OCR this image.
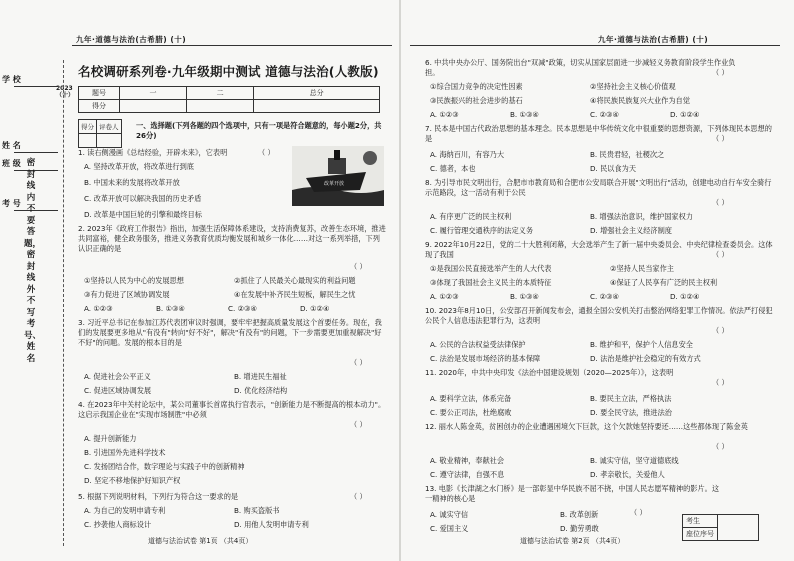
九年·道德与法治(古希腊) (十)	九年·道德与法治(古希腊) (十)
学 校
姓 名
班 级
考 号
密封线内不要答题，密封线外不写考号、姓名
2023（十）
名校调研系列卷·九年级期中测试 道德与法治(人教版)
题号	一	二	总分
得分			
得分	评卷人
	一、选择题(下列各题的四个选项中，只有一项是符合题意的，每小题2分，共26分)
1. 读右侧漫画《总结经验，开辟未来》，它表明	（ ）
A. 坚持改革开放，将改革进行到底
B. 中国未来的发展将改革开放
C. 改革开放可以解决我国的历史矛盾
D. 改革是中国巨轮的引擎和最终目标
改革开放
2. 2023年《政府工作报告》指出，加强生活保障体系建设，支持消费复苏，改善生态环境，推进共同富裕，健全政务服务，推进义务教育优质均衡发展和城乡一体化……对这一系列举措，下列认识正确的是
（ ）
①坚持以人民为中心的发展思想	②抓住了人民最关心最现实的利益问题
③有力促进了区域协调发展	④在发展中补齐民生短板，解民生之忧
A. ①②③	B. ①③④	C. ②③④	D. ①②④
3. 习近平总书记在参加江苏代表团审议时强调，要牢牢把握高质量发展这个首要任务。现在，我们的发展要更多地从"有没有"转向"好不好"，解决"有没有"的问题，下一步需要更加重视解决"好不好"的问题。发展的根本目的是
（ ）
A. 促进社会公平正义	B. 增进民生福祉
C. 促进区域协调发展	D. 优化经济结构
4. 在2023年中关村论坛中，某公司董事长首席执行官表示，"创新能力是不断提高的根本动力"。这启示我国企业在"实现市场制胜"中必须
（ ）
A. 提升创新能力
B. 引进国外先进科学技术
C. 发扬团结合作，数字理论与实践子中的创新精神
D. 坚定不移地保护好知识产权
5. 根据下列说明材料，下列行为符合这一要求的是	（ ）
A. 为自己的发明申请专利	B. 购买盗版书
C. 抄袭他人商标设计	D. 用他人发明申请专利
道德与法治试卷 第1页 （共4页）
6. 中共中央办公厅、国务院出台"双减"政策，切实从国家层面进一步减轻义务教育阶段学生作业负担。	（ ）
①综合国力竞争的决定性因素	②坚持社会主义核心价值观
③民族振兴的社会进步的基石	④将民族民族复兴大业作为自觉
A. ①②③	B. ①③④	C. ②③④	D. ①②④
7. 民本是中国古代政治思想的基本理念。民本思想是中华传统文化中很重要的思想资源，下列体现民本思想的是	（ ）
A. 海纳百川，有容乃大	B. 民贵君轻，社稷次之
C. 德者，本也	D. 民以食为天
8. 为引导市民文明出行，合肥市市教育局和合肥市公安局联合开展"文明出行"活动，创建电动自行车安全骑行示范路段，这一活动有利于公民
（ ）
A. 有序更广泛的民主权利	B. 增强法治意识，维护国家权力
C. 履行管理交通秩序的法定义务	D. 增强社会主义经济制度
9. 2022年10月22日，党的二十大胜利闭幕，大会选举产生了新一届中央委员会、中央纪律检查委员会。这体现了我国	（ ）
①是我国公民直接选举产生的人大代表	②坚持人民当家作主
③体现了我国社会主义民主的本质特征	④保证了人民享有广泛的民主权利
A. ①②③	B. ①③④	C. ②③④	D. ①②④
10. 2023年8月10日，公安部召开新闻发布会，通报全国公安机关打击整治网络犯罪工作情况。依法严打侵犯公民个人信息违法犯罪行为，这表明
（ ）
A. 公民的合法权益受法律保护	B. 维护和平，保护个人信息安全
C. 法治是发展市场经济的基本保障	D. 法治是维护社会稳定的有效方式
11. 2020年，中共中央印发《法治中国建设规划（2020—2025年）》，这表明
（ ）
A. 要科学立法，体系完备	B. 要民主立法，严格执法
C. 要公正司法，杜绝腐败	D. 要全民守法，推进法治
12. 丽水人陈金英，贫困创办的企业遭遇困境欠下巨款，这个欠款她坚持要还……这些都体现了陈金英
（ ）
A. 敬业精神，奉献社会	B. 诚实守信，坚守道德底线
C. 遵守法律，自强不息	D. 孝亲敬长，关爱他人
13. 电影《长津湖之水门桥》是一部彰显中华民族不屈不挠，中国人民志愿军精神的影片。这一精神的核心是
（ ）
A. 诚实守信	B. 改革创新
C. 爱国主义	D. 勤劳勇敢
考生	
座位序号
道德与法治试卷 第2页 （共4页）
